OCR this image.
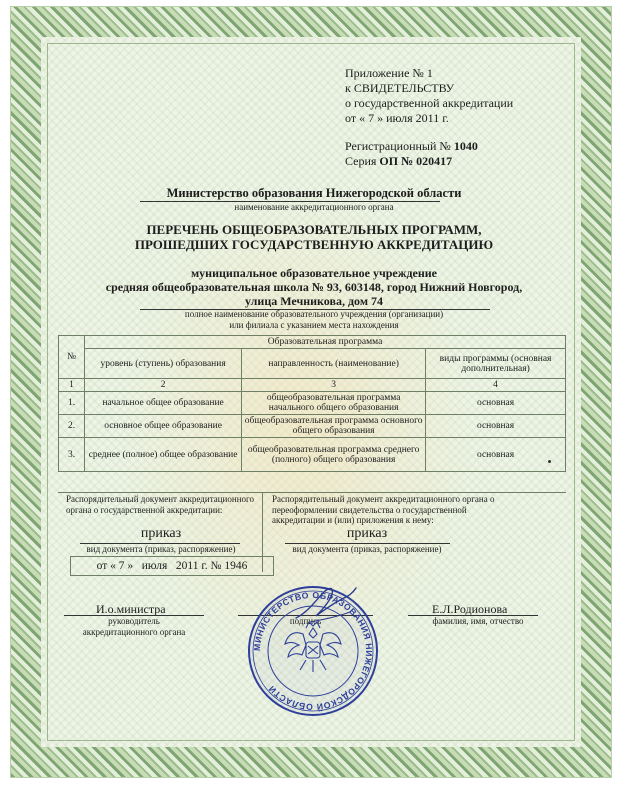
Приложение № 1
к СВИДЕТЕЛЬСТВУ
о государственной аккредитации
от « 7 » июля 2011 г.
Регистрационный № 1040
Серия ОП № 020417
Министерство образования Нижегородской области
наименование аккредитационного органа
ПЕРЕЧЕНЬ ОБЩЕОБРАЗОВАТЕЛЬНЫХ ПРОГРАММ,
ПРОШЕДШИХ ГОСУДАРСТВЕННУЮ АККРЕДИТАЦИЮ
муниципальное образовательное учреждение
средняя общеобразовательная школа № 93, 603148, город Нижний Новгород,
улица Мечникова, дом 74
полное наименование образовательного учреждения (организации)
или филиала с указанием места нахождения
№	Образовательная программа		
	уровень (ступень) образования	направленность (наименование)	виды программы (основная дополнительная)
1	2	3	4
1.	начальное общее образование	общеобразовательная программа начального общего образования	основная
2.	основное общее образование	общеобразовательная программа основного общего образования	основная
3.	среднее (полное) общее образование	общеобразовательная программа среднего (полного) общего образования	основная
Распорядительный документ аккредитационного органа о государственной аккредитации:
Распорядительный документ аккредитационного органа о переоформлении свидетельства о государственной аккредитации и (или) приложения к нему:
приказ	приказ
вид документа (приказ, распоряжение)	вид документа (приказ, распоряжение)
от « 7 »   июля   2011 г. № 1946
И.о.министра
руководитель
аккредитационного органа
Е.Л.Родионова
фамилия, имя, отчество
МИНИСТЕРСТВО ОБРАЗОВАНИЯ НИЖЕГОРОДСКОЙ ОБЛАСТИ
